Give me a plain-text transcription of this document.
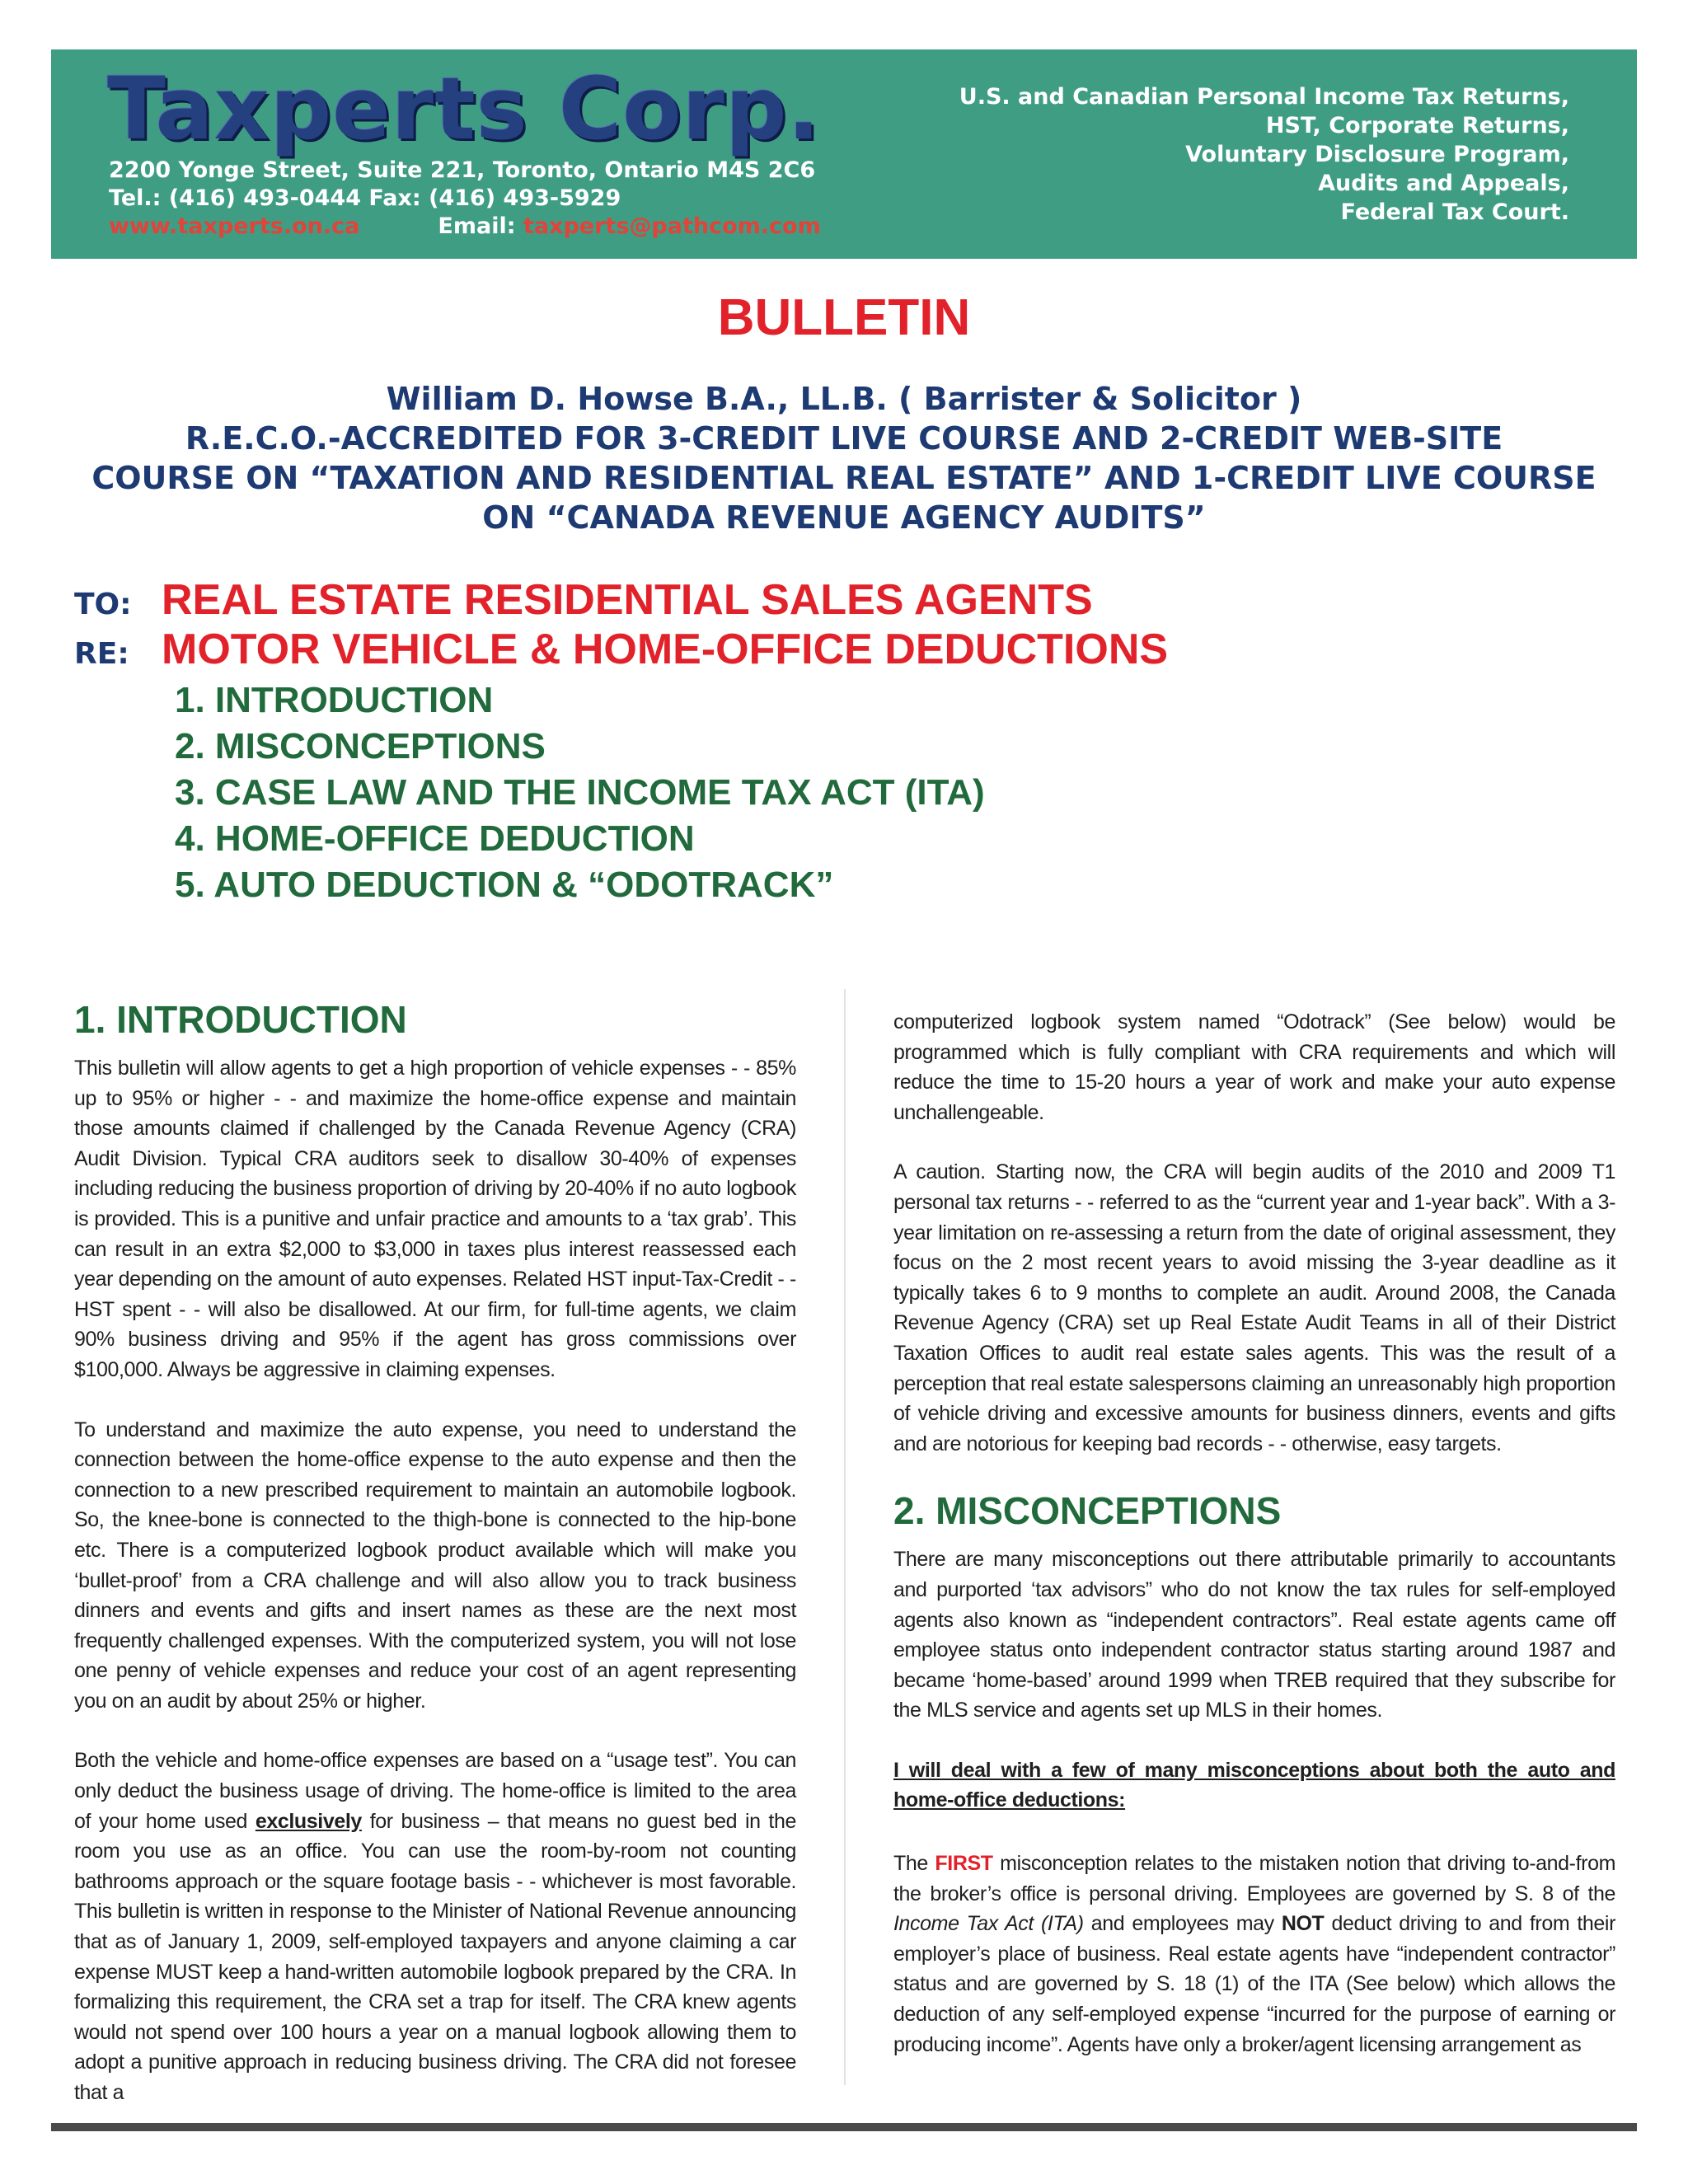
Taxperts Corp.
2200 Yonge Street, Suite 221, Toronto, Ontario M4S 2C6
Tel.: (416) 493-0444 Fax: (416) 493-5929
www.taxperts.on.ca	Email: taxperts@pathcom.com
U.S. and Canadian Personal Income Tax Returns,
HST, Corporate Returns,
Voluntary Disclosure Program,
Audits and Appeals,
Federal Tax Court.
BULLETIN
William D. Howse B.A., LL.B. ( Barrister & Solicitor )
R.E.C.O.-ACCREDITED FOR 3-CREDIT LIVE COURSE AND 2-CREDIT WEB-SITE
COURSE ON “TAXATION AND RESIDENTIAL REAL ESTATE” AND 1-CREDIT LIVE COURSE
ON “CANADA REVENUE AGENCY AUDITS”
TO: REAL ESTATE RESIDENTIAL SALES AGENTS
RE: MOTOR VEHICLE & HOME-OFFICE DEDUCTIONS
1. INTRODUCTION
2. MISCONCEPTIONS
3. CASE LAW AND THE INCOME TAX ACT (ITA)
4. HOME-OFFICE DEDUCTION
5. AUTO DEDUCTION & “ODOTRACK”
1. INTRODUCTION

This bulletin will allow agents to get a high proportion of vehicle expenses - - 85% up to 95% or higher - - and maximize the home-office expense and maintain those amounts claimed if challenged by the Canada Revenue Agency (CRA) Audit Division. Typical CRA auditors seek to disallow 30-40% of expenses including reducing the business proportion of driving by 20-40% if no auto logbook is provided. This is a punitive and unfair practice and amounts to a ‘tax grab’. This can result in an extra $2,000 to $3,000 in taxes plus interest reassessed each year depending on the amount of auto expenses. Related HST input-Tax-Credit - - HST spent - - will also be disallowed. At our firm, for full-time agents, we claim 90% business driving and 95% if the agent has gross commissions over $100,000. Always be aggressive in claiming expenses.

To understand and maximize the auto expense, you need to understand the connection between the home-office expense to the auto expense and then the connection to a new prescribed requirement to maintain an automobile logbook. So, the knee-bone is connected to the thigh-bone is connected to the hip-bone etc. There is a computerized logbook product available which will make you ‘bullet-proof’ from a CRA challenge and will also allow you to track business dinners and events and gifts and insert names as these are the next most frequently challenged expenses. With the computerized system, you will not lose one penny of vehicle expenses and reduce your cost of an agent representing you on an audit by about 25% or higher.

Both the vehicle and home-office expenses are based on a “usage test”. You can only deduct the business usage of driving. The home-office is limited to the area of your home used exclusively for business – that means no guest bed in the room you use as an office. You can use the room-by-room not counting bathrooms approach or the square footage basis - - whichever is most favorable. This bulletin is written in response to the Minister of National Revenue announcing that as of January 1, 2009, self-employed taxpayers and anyone claiming a car expense MUST keep a hand-written automobile logbook prepared by the CRA. In formalizing this requirement, the CRA set a trap for itself. The CRA knew agents would not spend over 100 hours a year on a manual logbook allowing them to adopt a punitive approach in reducing business driving. The CRA did not foresee that a

computerized logbook system named “Odotrack” (See below) would be programmed which is fully compliant with CRA requirements and which will reduce the time to 15-20 hours a year of work and make your auto expense unchallengeable.

A caution. Starting now, the CRA will begin audits of the 2010 and 2009 T1 personal tax returns - - referred to as the “current year and 1-year back”. With a 3-year limitation on re-assessing a return from the date of original assessment, they focus on the 2 most recent years to avoid missing the 3-year deadline as it typically takes 6 to 9 months to complete an audit. Around 2008, the Canada Revenue Agency (CRA) set up Real Estate Audit Teams in all of their District Taxation Offices to audit real estate sales agents. This was the result of a perception that real estate salespersons claiming an unreasonably high proportion of vehicle driving and excessive amounts for business dinners, events and gifts and are notorious for keeping bad records - - otherwise, easy targets.

2. MISCONCEPTIONS

There are many misconceptions out there attributable primarily to accountants and purported ‘tax advisors” who do not know the tax rules for self-employed agents also known as “independent contractors”. Real estate agents came off employee status onto independent contractor status starting around 1987 and became ‘home-based’ around 1999 when TREB required that they subscribe for the MLS service and agents set up MLS in their homes.

I will deal with a few of many misconceptions about both the auto and home-office deductions:

The FIRST misconception relates to the mistaken notion that driving to-and-from the broker’s office is personal driving. Employees are governed by S. 8 of the Income Tax Act (ITA) and employees may NOT deduct driving to and from their employer’s place of business. Real estate agents have “independent contractor” status and are governed by S. 18 (1) of the ITA (See below) which allows the deduction of any self-employed expense “incurred for the purpose of earning or producing income”. Agents have only a broker/agent licensing arrangement as
